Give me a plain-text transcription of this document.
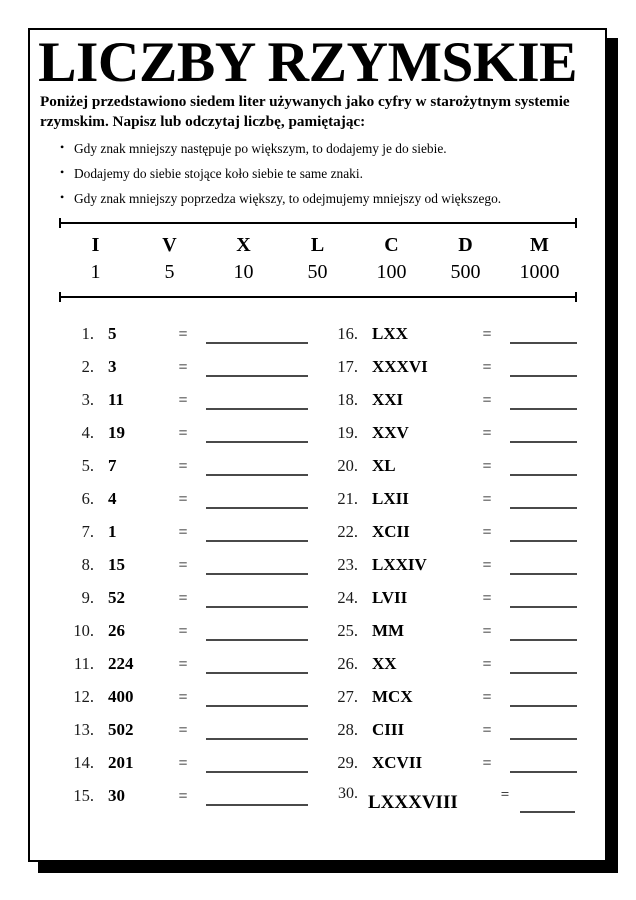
LICZBY RZYMSKIE

Poniżej przedstawiono siedem liter używanych jako cyfry w starożytnym systemie rzymskim. Napisz lub odczytaj liczbę, pamiętając:

• Gdy znak mniejszy następuje po większym, to dodajemy je do siebie.
• Dodajemy do siebie stojące koło siebie te same znaki.
• Gdy znak mniejszy poprzedza większy, to odejmujemy mniejszy od większego.
I	V	X	L	C	D	M
1	5	10	50	100	500	1000
1. 5	=
2. 3	=
3. 11	=
4. 19	=
5. 7	=
6. 4	=
7. 1	=
8. 15	=
9. 52	=
10. 26	=
11. 224	=
12. 400	=
13. 502	=
14. 201	=
15. 30	=
16. LXX	=
17. XXXVI	=
18. XXI	=
19. XXV	=
20. XL	=
21. LXII	=
22. XCII	=
23. LXXIV	=
24. LVII	=
25. MM	=
26. XX	=
27. MCX	=
28. CIII	=
29. XCVII	=
30. LXXXVIII	=
